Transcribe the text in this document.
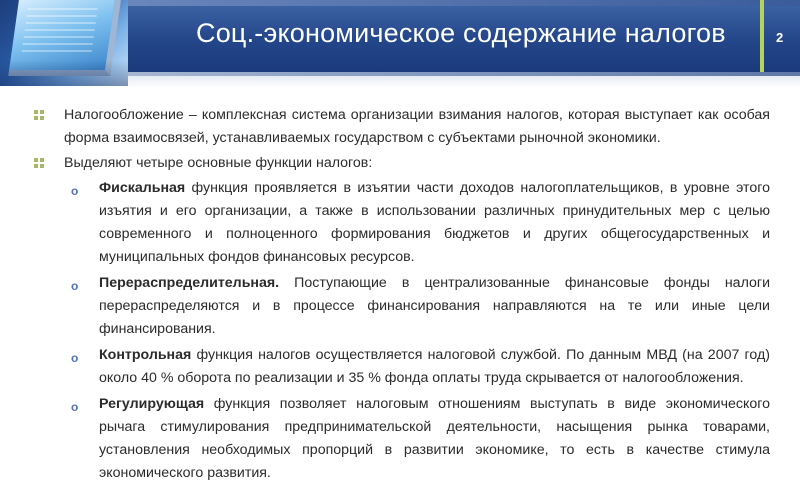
Соц.-экономическое содержание налогов	2
Налогообложение – комплексная система организации взимания налогов, которая выступает как особая форма взаимосвязей, устанавливаемых государством с субъектами рыночной экономики.
Выделяют четыре основные функции налогов:
o Фискальная функция проявляется в изъятии части доходов налогоплательщиков, в уровне этого изъятия и его организации, а также в использовании различных принудительных мер с целью современного и полноценного формирования бюджетов и других общегосударственных и муниципальных фондов финансовых ресурсов.
o Перераспределительная. Поступающие в централизованные финансовые фонды налоги перераспределяются и в процессе финансирования направляются на те или иные цели финансирования.
o Контрольная функция налогов осуществляется налоговой службой. По данным МВД (на 2007 год) около 40 % оборота по реализации и 35 % фонда оплаты труда скрывается от налогообложения.
o Регулирующая функция позволяет налоговым отношениям выступать в виде экономического рычага стимулирования предпринимательской деятельности, насыщения рынка товарами, установления необходимых пропорций в развитии экономике, то есть в качестве стимула экономического развития.
